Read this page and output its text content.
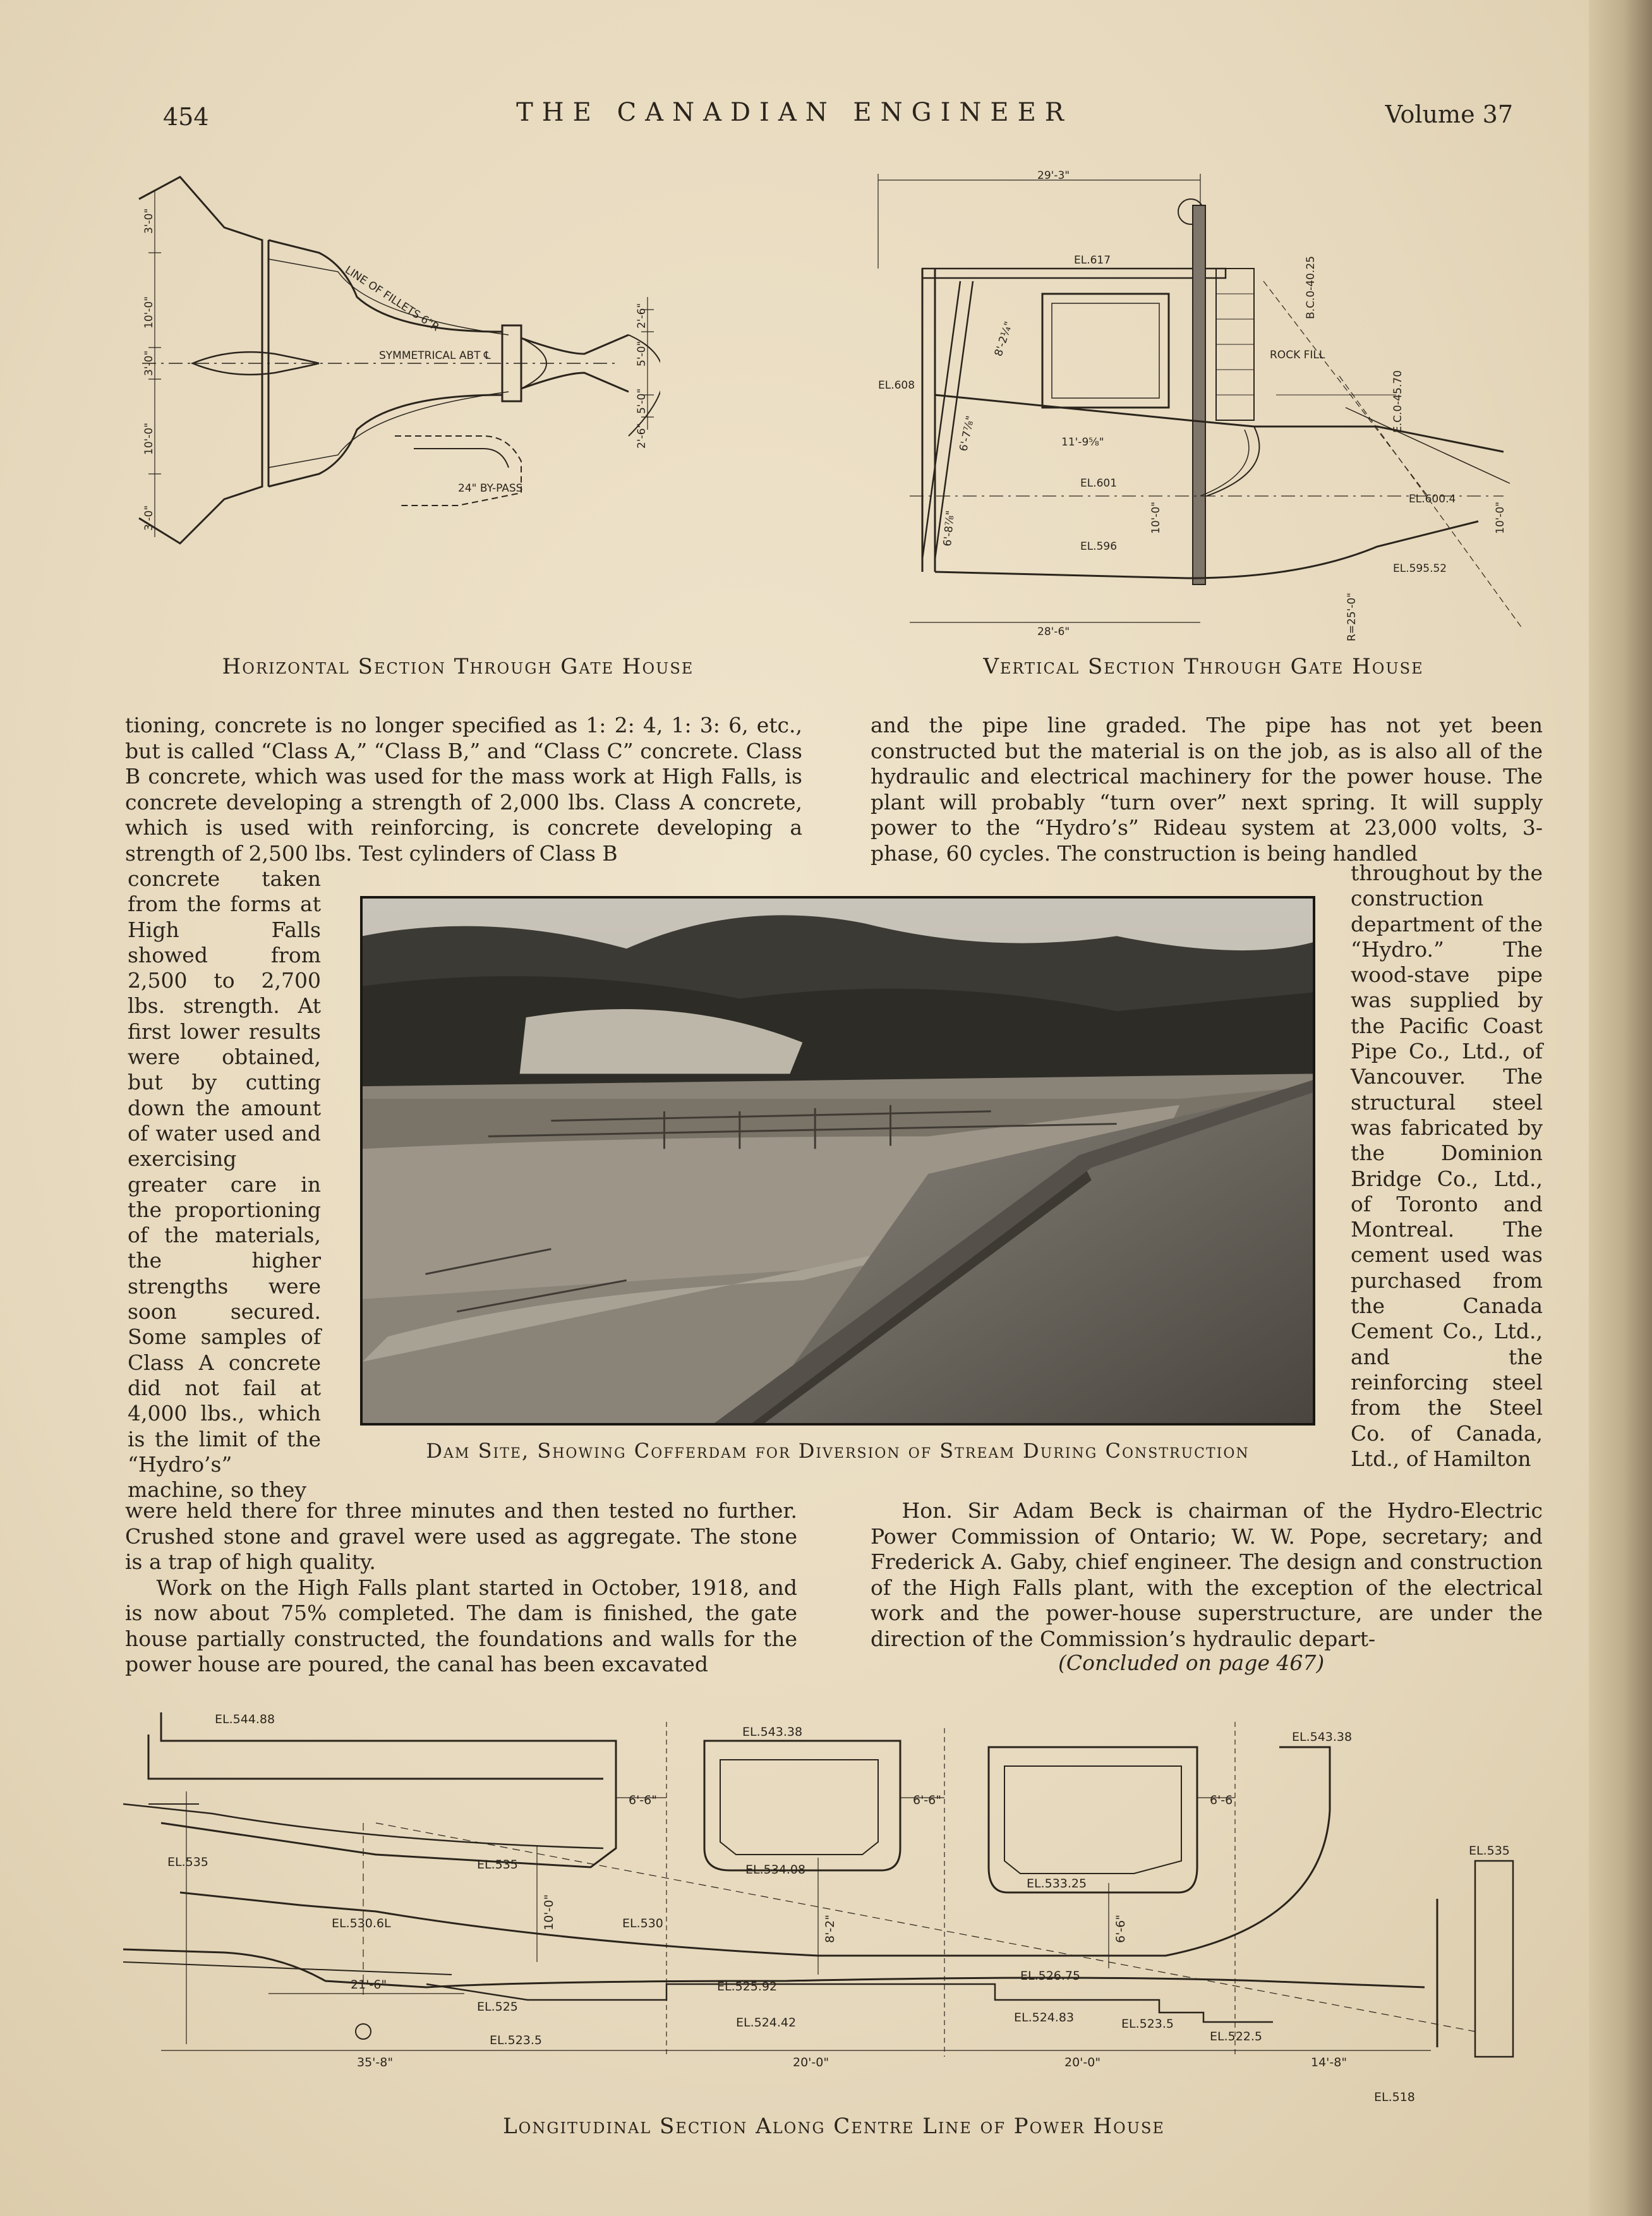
454	THE CANADIAN ENGINEER	Volume 37
LINE OF FILLETS 6"R
SYMMETRICAL ABT ℄
24" BY-PASS
3'-0"
10'-0"
3'-0"
10'-0"
3'-0"
2'-6"
5'-0"
5'-0"
2'-6"
Horizontal Section Through Gate House
29'-3"
EL.617
EL.608
8'-2¼"
6'-7⅞"
6'-8⅞"
11'-9⅝"
ROCK FILL
EL.601
EL.596
10'-0"
B.C.0-40.25
E.C.0-45.70
EL.600.4
EL.595.52
10'-0"
R=25'-0"
28'-6"
Vertical Section Through Gate House

tioning, concrete is no longer specified as 1: 2: 4, 1: 3: 6, etc., but is called “Class A,” “Class B,” and “Class C” concrete. Class B concrete, which was used for the mass work at High Falls, is concrete developing a strength of 2,000 lbs. Class A concrete, which is used with reinforcing, is concrete developing a strength of 2,500 lbs. Test cylinders of Class B

and the pipe line graded. The pipe has not yet been constructed but the material is on the job, as is also all of the hydraulic and electrical machinery for the power house. The plant will probably “turn over” next spring. It will supply power to the “Hydro’s” Rideau system at 23,000 volts, 3-phase, 60 cycles. The construction is being handled

concrete taken from the forms at High Falls showed from 2,500 to 2,700 lbs. strength. At first lower results were obtained, but by cutting down the amount of water used and exercising greater care in the proportioning of the materials, the higher strengths were soon secured. Some samples of Class A concrete did not fail at 4,000 lbs., which is the limit of the “Hydro’s” machine, so they

throughout by the construction department of the “Hydro.” The wood-stave pipe was supplied by the Pacific Coast Pipe Co., Ltd., of Vancouver. The structural steel was fabricated by the Dominion Bridge Co., Ltd., of Toronto and Montreal. The cement used was purchased from the Canada Cement Co., Ltd., and the reinforcing steel from the Steel Co. of Canada, Ltd., of Hamilton

Dam Site, Showing Cofferdam for Diversion of Stream During Construction

were held there for three minutes and then tested no further. Crushed stone and gravel were used as aggregate. The stone is a trap of high quality.

Work on the High Falls plant started in October, 1918, and is now about 75% completed. The dam is finished, the gate house partially constructed, the foundations and walls for the power house are poured, the canal has been excavated

Hon. Sir Adam Beck is chairman of the Hydro-Electric Power Commission of Ontario; W. W. Pope, secretary; and Frederick A. Gaby, chief engineer. The design and construction of the High Falls plant, with the exception of the electrical work and the power-house superstructure, are under the direction of the Commission’s hydraulic depart-

(Concluded on page 467)
EL.544.88
EL.543.38	EL.543.38
EL.535	EL.535
EL.535
EL.534.08
EL.533.25
EL.530.6L	EL.530
EL.526.75
EL.525.92
EL.525
EL.524.42	EL.524.83
EL.523.5
EL.523.5
EL.522.5
EL.518
6'-6"	6'-6"	6'-6
10'-0"	8'-2"	6'-6"
21'-6"
35'-8"	20'-0"	20'-0"	14'-8"
Longitudinal Section Along Centre Line of Power House
